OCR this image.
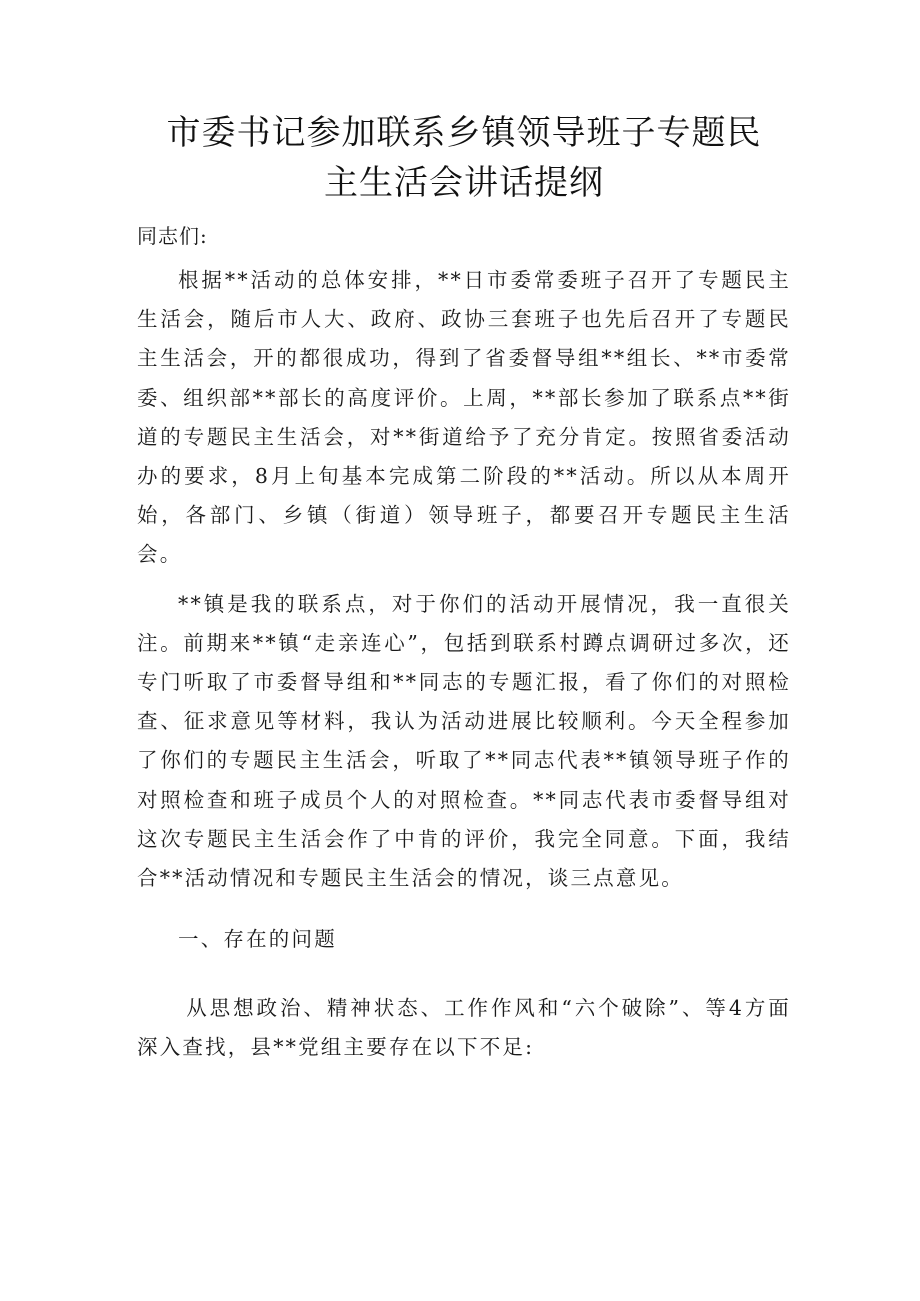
市委书记参加联系乡镇领导班子专题民
主生活会讲话提纲

同志们:

根据**活动的总体安排，**日市委常委班子召开了专题民主生活会，随后市人大、政府、政协三套班子也先后召开了专题民主生活会，开的都很成功，得到了省委督导组**组长、**市委常委、组织部**部长的高度评价。上周，**部长参加了联系点**街道的专题民主生活会，对**街道给予了充分肯定。按照省委活动办的要求，8月上旬基本完成第二阶段的**活动。所以从本周开始，各部门、乡镇（街道）领导班子，都要召开专题民主生活会。

**镇是我的联系点，对于你们的活动开展情况，我一直很关注。前期来**镇“走亲连心”，包括到联系村蹲点调研过多次，还专门听取了市委督导组和**同志的专题汇报，看了你们的对照检查、征求意见等材料，我认为活动进展比较顺利。今天全程参加了你们的专题民主生活会，听取了**同志代表**镇领导班子作的对照检查和班子成员个人的对照检查。**同志代表市委督导组对这次专题民主生活会作了中肯的评价，我完全同意。下面，我结合**活动情况和专题民主生活会的情况，谈三点意见。

一、存在的问题

从思想政治、精神状态、工作作风和“六个破除”、等4方面深入查找，县**党组主要存在以下不足:
